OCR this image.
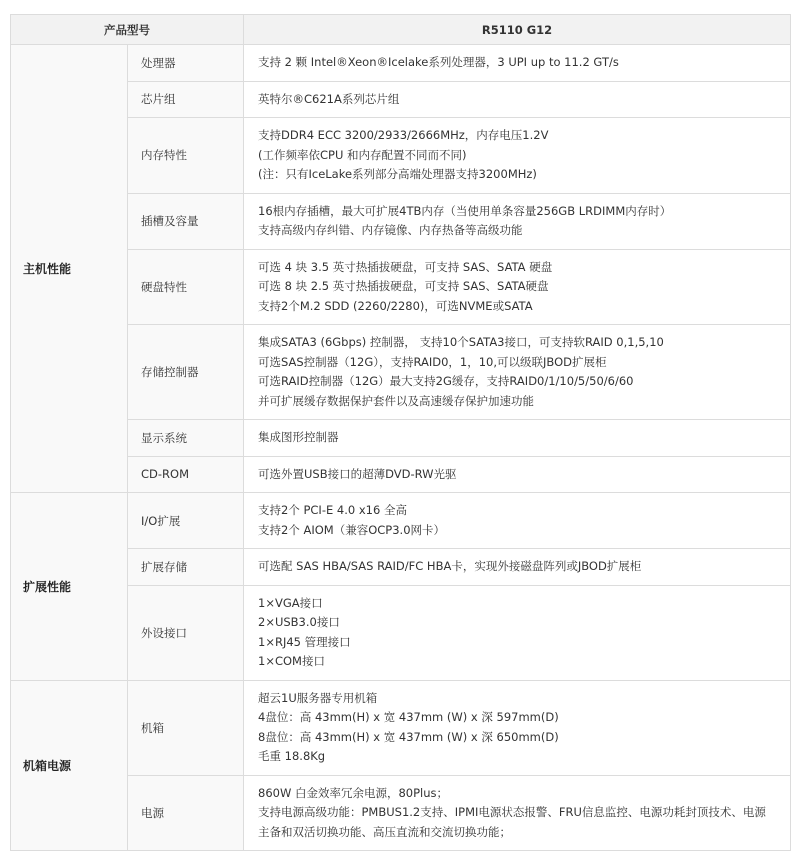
产品型号		R5110 G12
主机性能	处理器	支持 2 颗 Intel®Xeon®Icelake系列处理器，3 UPI up to 11.2 GT/s

	芯片组	英特尔®C621A系列芯片组

	内存特性	支持DDR4 ECC 3200/2933/2666MHz，内存电压1.2V
(工作频率依CPU 和内存配置不同而不同)
(注：只有IceLake系列部分高端处理器支持3200MHz)

	插槽及容量	16根内存插槽，最大可扩展4TB内存（当使用单条容量256GB LRDIMM内存时）
支持高级内存纠错、内存镜像、内存热备等高级功能

	硬盘特性	可选 4 块 3.5 英寸热插拔硬盘，可支持 SAS、SATA 硬盘
可选 8 块 2.5 英寸热插拔硬盘，可支持 SAS、SATA硬盘
支持2个M.2 SDD (2260/2280)，可选NVME或SATA

	存储控制器	集成SATA3 (6Gbps) 控制器， 支持10个SATA3接口，可支持软RAID 0,1,5,10
可选SAS控制器（12G），支持RAID0，1，10,可以级联JBOD扩展柜
可选RAID控制器（12G）最大支持2G缓存，支持RAID0/1/10/5/50/6/60
并可扩展缓存数据保护套件以及高速缓存保护加速功能

	显示系统	集成图形控制器

	CD-ROM	可选外置USB接口的超薄DVD-RW光驱

扩展性能	I/O扩展	支持2个 PCI-E 4.0 x16 全高
支持2个 AIOM（兼容OCP3.0网卡）

	扩展存储	可选配 SAS HBA/SAS RAID/FC HBA卡，实现外接磁盘阵列或JBOD扩展柜

	外设接口	1×VGA接口
2×USB3.0接口
1×RJ45 管理接口
1×COM接口

机箱电源	机箱	超云1U服务器专用机箱
4盘位：高 43mm(H) x 宽 437mm (W) x 深 597mm(D)
8盘位：高 43mm(H) x 宽 437mm (W) x 深 650mm(D)
毛重 18.8Kg

	电源	860W 白金效率冗余电源，80Plus；
支持电源高级功能：PMBUS1.2支持、IPMI电源状态报警、FRU信息监控、电源功耗封顶技术、电源
主备和双活切换功能、高压直流和交流切换功能；
